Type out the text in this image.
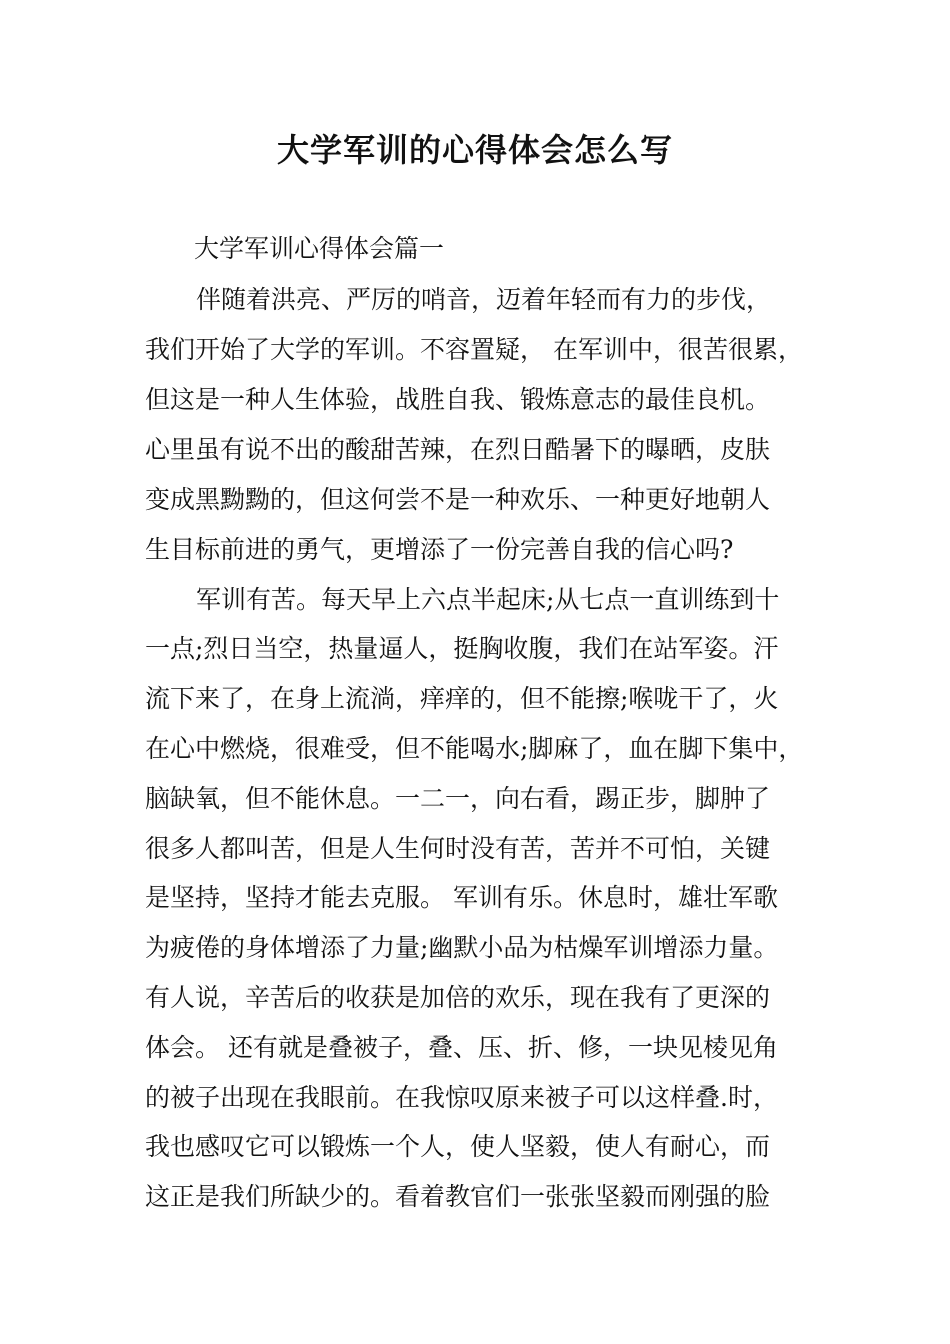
大学军训的心得体会怎么写

大学军训心得体会篇一

伴随着洪亮、严厉的哨音，迈着年轻而有力的步伐，

我们开始了大学的军训。不容置疑， 在军训中，很苦很累，

但这是一种人生体验，战胜自我、锻炼意志的最佳良机。

心里虽有说不出的酸甜苦辣，在烈日酷暑下的曝晒，皮肤

变成黑黝黝的，但这何尝不是一种欢乐、一种更好地朝人

生目标前进的勇气，更增添了一份完善自我的信心吗?

军训有苦。每天早上六点半起床;从七点一直训练到十

一点;烈日当空，热量逼人，挺胸收腹，我们在站军姿。汗

流下来了，在身上流淌，痒痒的，但不能擦;喉咙干了，火

在心中燃烧，很难受，但不能喝水;脚麻了，血在脚下集中，

脑缺氧，但不能休息。一二一，向右看，踢正步，脚肿了

很多人都叫苦，但是人生何时没有苦，苦并不可怕，关键

是坚持，坚持才能去克服。 军训有乐。休息时，雄壮军歌

为疲倦的身体增添了力量;幽默小品为枯燥军训增添力量。

有人说，辛苦后的收获是加倍的欢乐，现在我有了更深的

体会。 还有就是叠被子，叠、压、折、修，一块见棱见角

的被子出现在我眼前。在我惊叹原来被子可以这样叠.时，

我也感叹它可以锻炼一个人，使人坚毅，使人有耐心，而

这正是我们所缺少的。看着教官们一张张坚毅而刚强的脸
